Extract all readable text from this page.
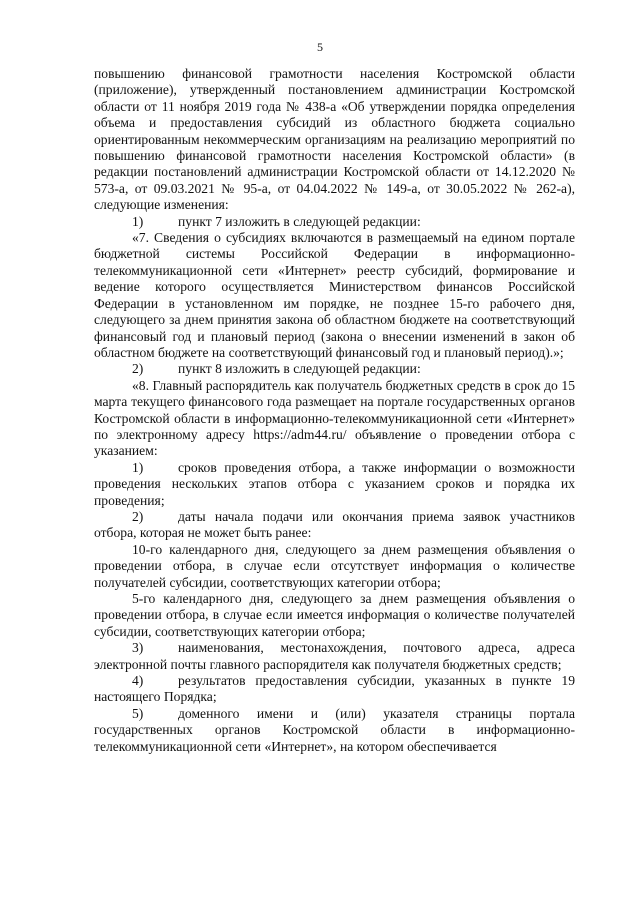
5

повышению финансовой грамотности населения Костромской области (приложение), утвержденный постановлением администрации Костромской области от 11 ноября 2019 года № 438-а «Об утверждении порядка определения объема и предоставления субсидий из областного бюджета социально ориентированным некоммерческим организациям на реализацию мероприятий по повышению финансовой грамотности населения Костромской области» (в редакции постановлений администрации Костромской области от 14.12.2020 № 573-а, от 09.03.2021 № 95-а, от 04.04.2022 № 149-а, от 30.05.2022 № 262-а), следующие изменения:

1)	пункт 7 изложить в следующей редакции:

«7. Сведения о субсидиях включаются в размещаемый на едином портале бюджетной системы Российской Федерации в информационно-телекоммуникационной сети «Интернет» реестр субсидий, формирование и ведение которого осуществляется Министерством финансов Российской Федерации в установленном им порядке, не позднее 15-го рабочего дня, следующего за днем принятия закона об областном бюджете на соответствующий финансовый год и плановый период (закона о внесении изменений в закон об областном бюджете на соответствующий финансовый год и плановый период).»;

2)	пункт 8 изложить в следующей редакции:

«8. Главный распорядитель как получатель бюджетных средств в срок до 15 марта текущего финансового года размещает на портале государственных органов Костромской области в информационно-телекоммуникационной сети «Интернет» по электронному адресу https://adm44.ru/ объявление о проведении отбора с указанием:

1)	сроков проведения отбора, а также информации о возможности проведения нескольких этапов отбора с указанием сроков и порядка их проведения;

2)	даты начала подачи или окончания приема заявок участников отбора, которая не может быть ранее:

10-го календарного дня, следующего за днем размещения объявления о проведении отбора, в случае если отсутствует информация о количестве получателей субсидии, соответствующих категории отбора;

5-го календарного дня, следующего за днем размещения объявления о проведении отбора, в случае если имеется информация о количестве получателей субсидии, соответствующих категории отбора;

3)	наименования, местонахождения, почтового адреса, адреса электронной почты главного распорядителя как получателя бюджетных средств;

4)	результатов предоставления субсидии, указанных в пункте 19 настоящего Порядка;

5)	доменного имени и (или) указателя страницы портала государственных органов Костромской области в информационно-телекоммуникационной сети «Интернет», на котором обеспечивается
